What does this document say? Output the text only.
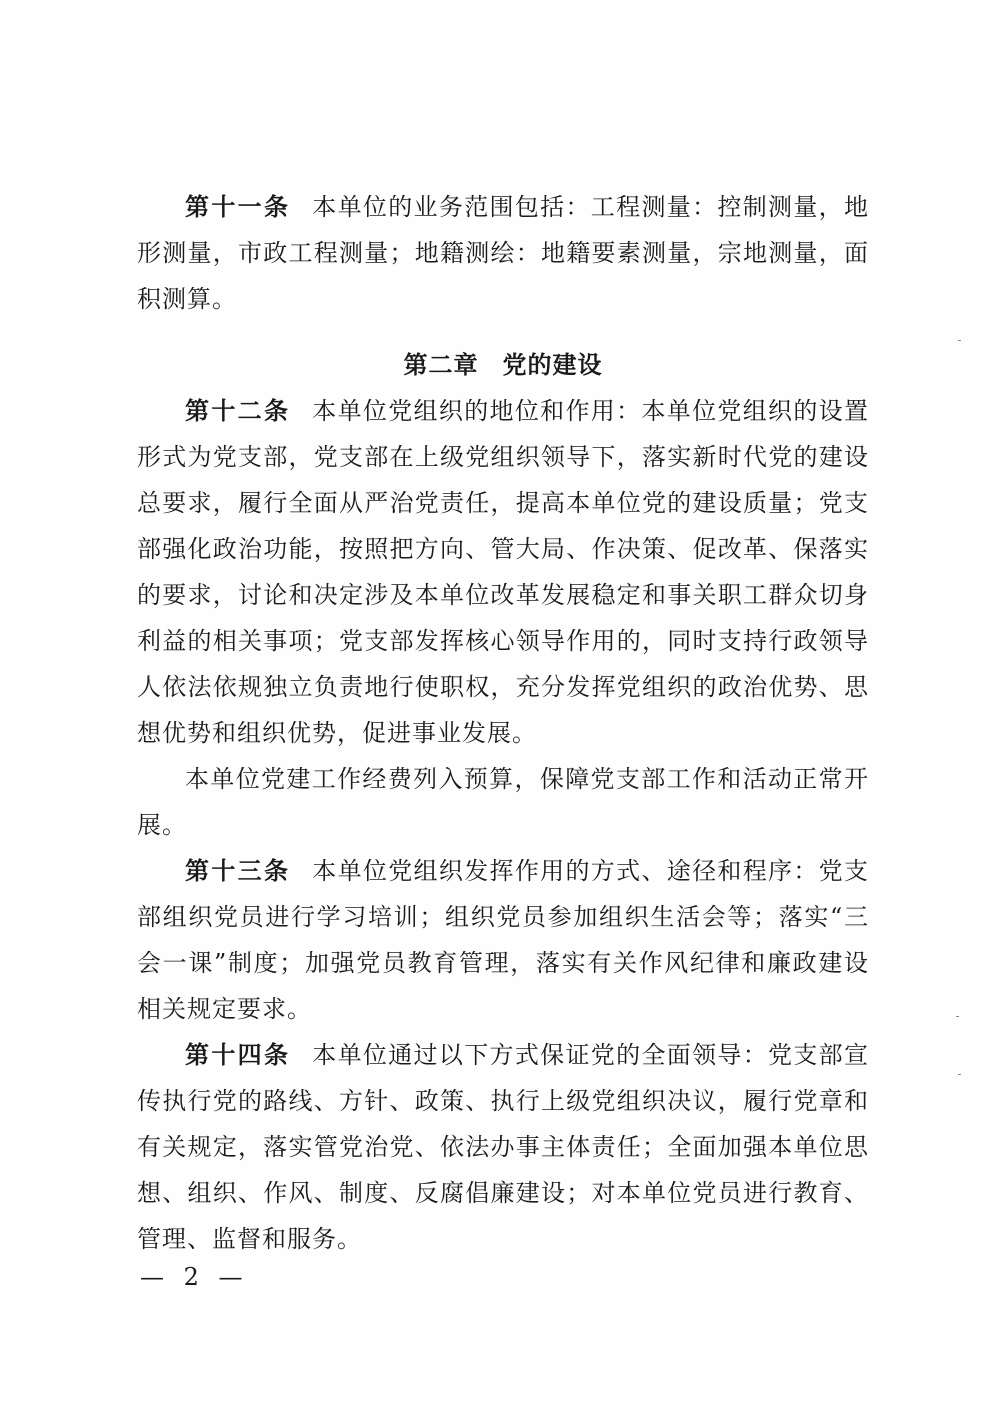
第十一条 本单位的业务范围包括：工程测量：控制测量，地形测量，市政工程测量；地籍测绘：地籍要素测量，宗地测量，面积测算。

第二章 党的建设

第十二条 本单位党组织的地位和作用：本单位党组织的设置形式为党支部，党支部在上级党组织领导下，落实新时代党的建设总要求，履行全面从严治党责任，提高本单位党的建设质量；党支部强化政治功能，按照把方向、管大局、作决策、促改革、保落实的要求，讨论和决定涉及本单位改革发展稳定和事关职工群众切身利益的相关事项；党支部发挥核心领导作用的，同时支持行政领导人依法依规独立负责地行使职权，充分发挥党组织的政治优势、思想优势和组织优势，促进事业发展。

本单位党建工作经费列入预算，保障党支部工作和活动正常开展。

第十三条 本单位党组织发挥作用的方式、途径和程序：党支部组织党员进行学习培训；组织党员参加组织生活会等；落实“三会一课”制度；加强党员教育管理，落实有关作风纪律和廉政建设相关规定要求。

第十四条 本单位通过以下方式保证党的全面领导：党支部宣传执行党的路线、方针、政策、执行上级党组织决议，履行党章和有关规定，落实管党治党、依法办事主体责任；全面加强本单位思想、组织、作风、制度、反腐倡廉建设；对本单位党员进行教育、管理、监督和服务。

— 2 —
